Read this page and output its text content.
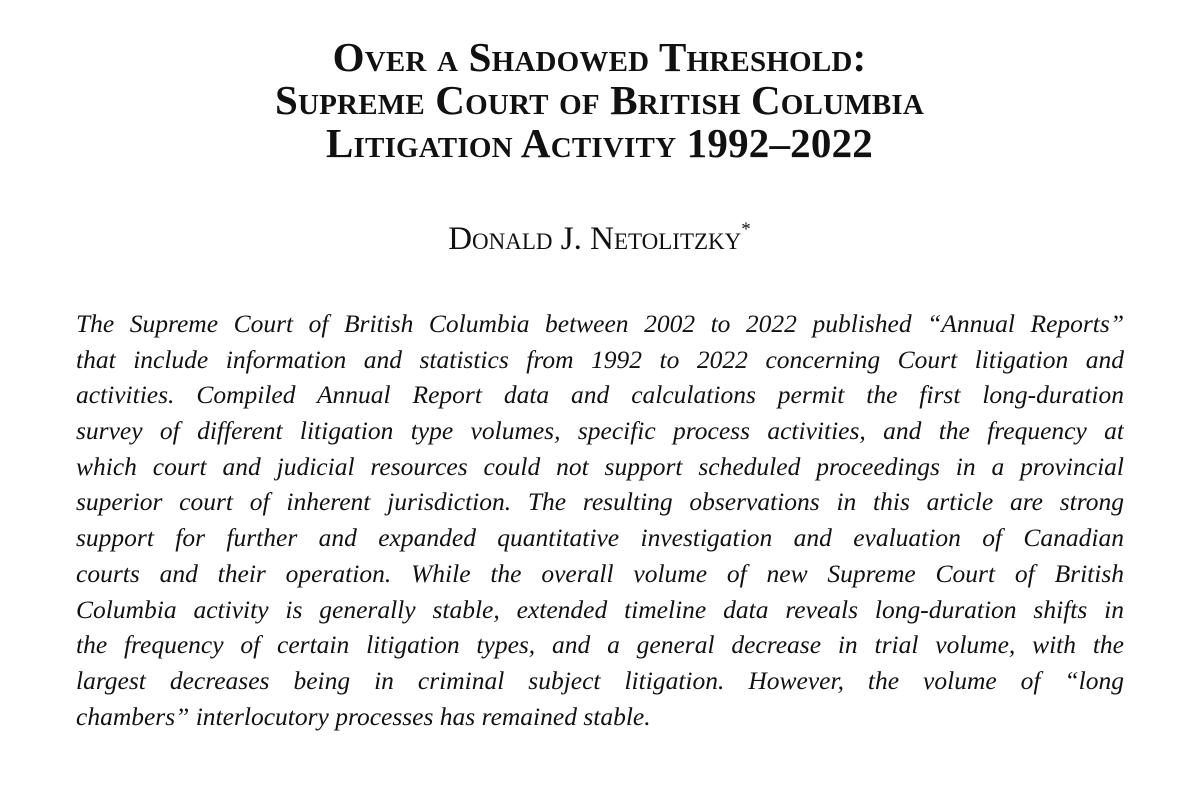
Over a Shadowed Threshold:
Supreme Court of British Columbia
Litigation Activity 1992–2022
Donald J. Netolitzky*
The Supreme Court of British Columbia between 2002 to 2022 published “Annual Reports”
that include information and statistics from 1992 to 2022 concerning Court litigation and
activities. Compiled Annual Report data and calculations permit the first long-duration
survey of different litigation type volumes, specific process activities, and the frequency at
which court and judicial resources could not support scheduled proceedings in a provincial
superior court of inherent jurisdiction. The resulting observations in this article are strong
support for further and expanded quantitative investigation and evaluation of Canadian
courts and their operation. While the overall volume of new Supreme Court of British
Columbia activity is generally stable, extended timeline data reveals long-duration shifts in
the frequency of certain litigation types, and a general decrease in trial volume, with the
largest decreases being in criminal subject litigation. However, the volume of “long
chambers” interlocutory processes has remained stable.
